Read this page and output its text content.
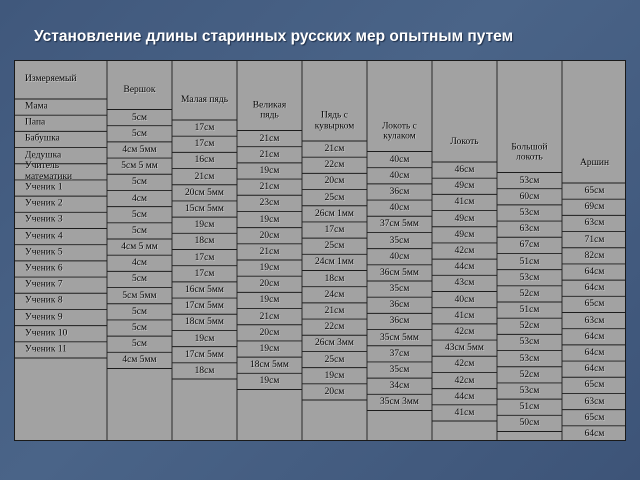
Установление длины старинных русских мер опытным путем
Измеряемый
Вершок
Малая пядь
Великая
пядь	Пядь с
кувырком	Локоть с
кулаком
Локоть
Большой
локоть
Аршин
Мама
5см
17см
21см
21см
40см
46см
53см
65см
Папа
5см
17см
21см
22см
40см
49см
60см
69см
Бабушка
4см 5мм
16см
19см
20см
36см
41см
53см
63см
Дедушка
5см 5 мм
21см
21см
25см
40см
49см
63см
71см
Учитель
математики
5см
20см 5мм
23см
26см 1мм
37см 5мм
49см
67см
82см
Ученик 1
4см
15см 5мм
19см
17см
35см
42см
51см
64см
Ученик 2
5см
19см
20см
25см
40см
44см
53см
64см
Ученик 3
5см
18см
21см
24см 1мм
36см 5мм
43см
52см
65см
Ученик 4
4см 5 мм
17см
19см
18см
35см
40см
51см
63см
Ученик 5
4см
17см
20см
24см
36см
41см
52см
64см
Ученик 6
5см
16см 5мм
19см
21см
36см
42см
53см
64см
Ученик 7
5см 5мм
17см 5мм
21см
22см
35см 5мм
43см 5мм
53см
64см
Ученик 8
5см
18см 5мм
20см
26см 3мм
37см
42см
52см
65см
Ученик 9
5см
19см
19см
25см
35см
42см
53см
63см
Ученик 10
5см
17см 5мм
18см 5мм
19см
34см
44см
51см
65см
Ученик 11
4см 5мм
18см
19см
20см
35см 3мм
41см
50см
64см
